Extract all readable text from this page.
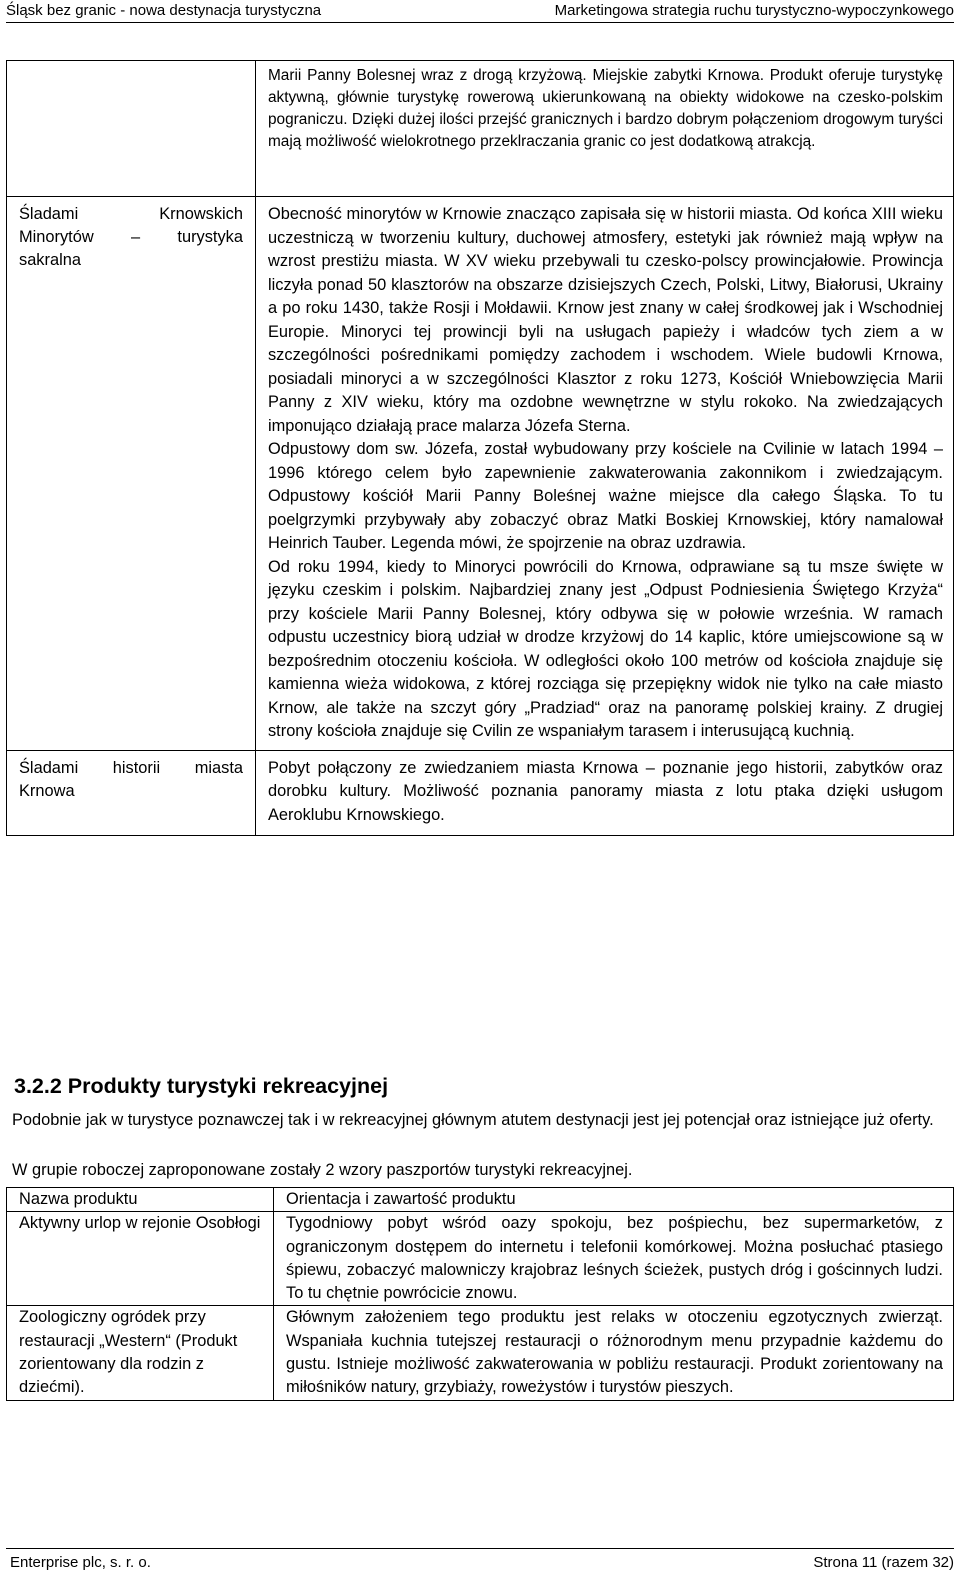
Śląsk bez granic - nowa destynacja turystyczna	Marketingowa strategia ruchu turystyczno-wypoczynkowego

	Marii Panny Bolesnej wraz z drogą krzyżową. Miejskie zabytki Krnowa. Produkt oferuje turystykę aktywną, głównie turystykę rowerową ukierunkowaną na obiekty widokowe na czesko-polskim pograniczu. Dzięki dużej ilości przejść granicznych i bardzo dobrym połączeniom drogowym turyści mają możliwość wielokrotnego przeklraczania granic co jest dodatkową atrakcją.

Śladami Krnowskich Minorytów – turystyka sakralna	Obecność minorytów w Krnowie znacząco zapisała się w historii miasta. Od końca XIII wieku uczestniczą w tworzeniu kultury, duchowej atmosfery, estetyki jak również mają wpływ na wzrost prestiżu miasta. W XV wieku przebywali tu czesko-polscy prowincjałowie. Prowincja liczyła ponad 50 klasztorów na obszarze dzisiejszych Czech, Polski, Litwy, Białorusi, Ukrainy a po roku 1430, także Rosji i Mołdawii. Krnow jest znany w całej środkowej jak i Wschodniej Europie. Minoryci tej prowincji byli na usługach papieży i władców tych ziem a w szczególności pośrednikami pomiędzy zachodem i wschodem. Wiele budowli Krnowa, posiadali minoryci a w szczególności Klasztor z roku 1273, Kościół Wniebowzięcia Marii Panny z XIV wieku, który ma ozdobne wewnętrzne w stylu rokoko. Na zwiedzających imponująco działają prace malarza Józefa Sterna.

Odpustowy dom sw. Józefa, został wybudowany przy kościele na Cvilinie w latach 1994 – 1996 którego celem było zapewnienie zakwaterowania zakonnikom i zwiedzającym. Odpustowy kościół Marii Panny Boleśnej ważne miejsce dla całego Śląska. To tu poelgrzymki przybywały aby zobaczyć obraz Matki Boskiej Krnowskiej, który namalował Heinrich Tauber. Legenda mówi, że spojrzenie na obraz uzdrawia.

Od roku 1994, kiedy to Minoryci powrócili do Krnowa, odprawiane są tu msze święte w języku czeskim i polskim. Najbardziej znany jest „Odpust Podniesienia Świętego Krzyża“ przy kościele Marii Panny Bolesnej, który odbywa się w połowie września. W ramach odpustu uczestnicy biorą udział w drodze krzyżowj do 14 kaplic, które umiejscowione są w bezpośrednim otoczeniu kościoła. W odległości około 100 metrów od kościoła znajduje się kamienna wieża widokowa, z której rozciąga się przepiękny widok nie tylko na całe miasto Krnow, ale także na szczyt góry „Pradziad“ oraz na panoramę polskiej krainy. Z drugiej strony kościoła znajduje się Cvilin ze wspaniałym tarasem i interusującą kuchnią.

Śladami historii miasta Krnowa	Pobyt połączony ze zwiedzaniem miasta Krnowa – poznanie jego historii, zabytków oraz dorobku kultury. Możliwość poznania panoramy miasta z lotu ptaka dzięki usługom Aeroklubu Krnowskiego.

3.2.2 Produkty turystyki rekreacyjnej
Podobnie jak w turystyce poznawczej tak i w rekreacyjnej głównym atutem destynacji jest jej potencjał oraz istniejące już oferty.
W grupie roboczej zaproponowane zostały 2 wzory paszportów turystyki rekreacyjnej.
Nazwa produktu	Orientacja i zawartość produktu
Aktywny urlop w rejonie Osobłogi	Tygodniowy pobyt wśród oazy spokoju, bez pośpiechu, bez supermarketów, z ograniczonym dostępem do internetu i telefonii komórkowej. Można posłuchać ptasiego śpiewu, zobaczyć malowniczy krajobraz leśnych ścieżek, pustych dróg i gościnnych ludzi. To tu chętnie powrócicie znowu.
Zoologiczny ogródek przy restauracji „Western“ (Produkt zorientowany dla rodzin z dziećmi).	Głównym założeniem tego produktu jest relaks w otoczeniu egzotycznych zwierząt. Wspaniała kuchnia tutejszej restauracji o różnorodnym menu przypadnie każdemu do gustu. Istnieje możliwość zakwaterowania w pobliżu restauracji. Produkt zorientowany na miłośników natury, grzybiaży, roweżystów i turystów pieszych.
Enterprise plc, s. r. o.	Strona 11 (razem 32)
